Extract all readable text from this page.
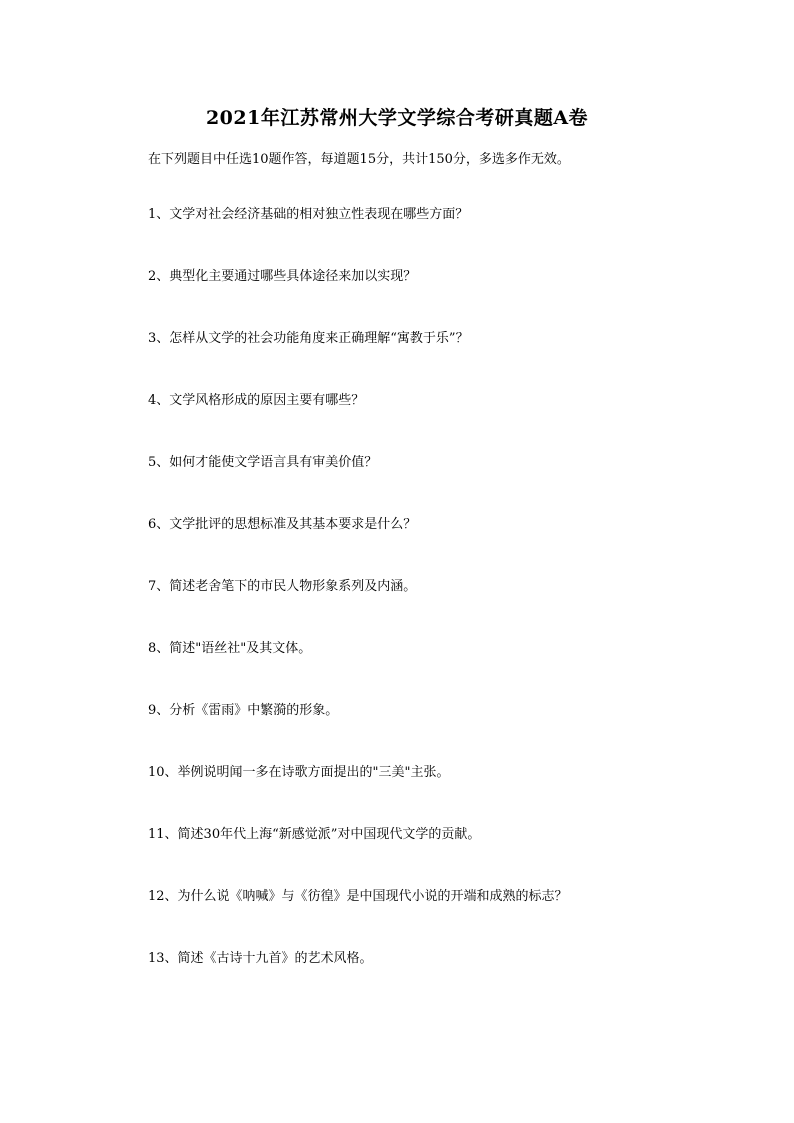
2021年江苏常州大学文学综合考研真题A卷
在下列题目中任选10题作答，每道题15分，共计150分，多选多作无效。
1、文学对社会经济基础的相对独立性表现在哪些方面？
2、典型化主要通过哪些具体途径来加以实现？
3、怎样从文学的社会功能角度来正确理解“寓教于乐”？
4、文学风格形成的原因主要有哪些？
5、如何才能使文学语言具有审美价值？
6、文学批评的思想标准及其基本要求是什么？
7、简述老舍笔下的市民人物形象系列及内涵。
8、简述"语丝社"及其文体。
9、分析《雷雨》中繁漪的形象。
10、举例说明闻一多在诗歌方面提出的"三美"主张。
11、简述30年代上海“新感觉派”对中国现代文学的贡献。
12、为什么说《呐喊》与《彷徨》是中国现代小说的开端和成熟的标志？
13、简述《古诗十九首》的艺术风格。
